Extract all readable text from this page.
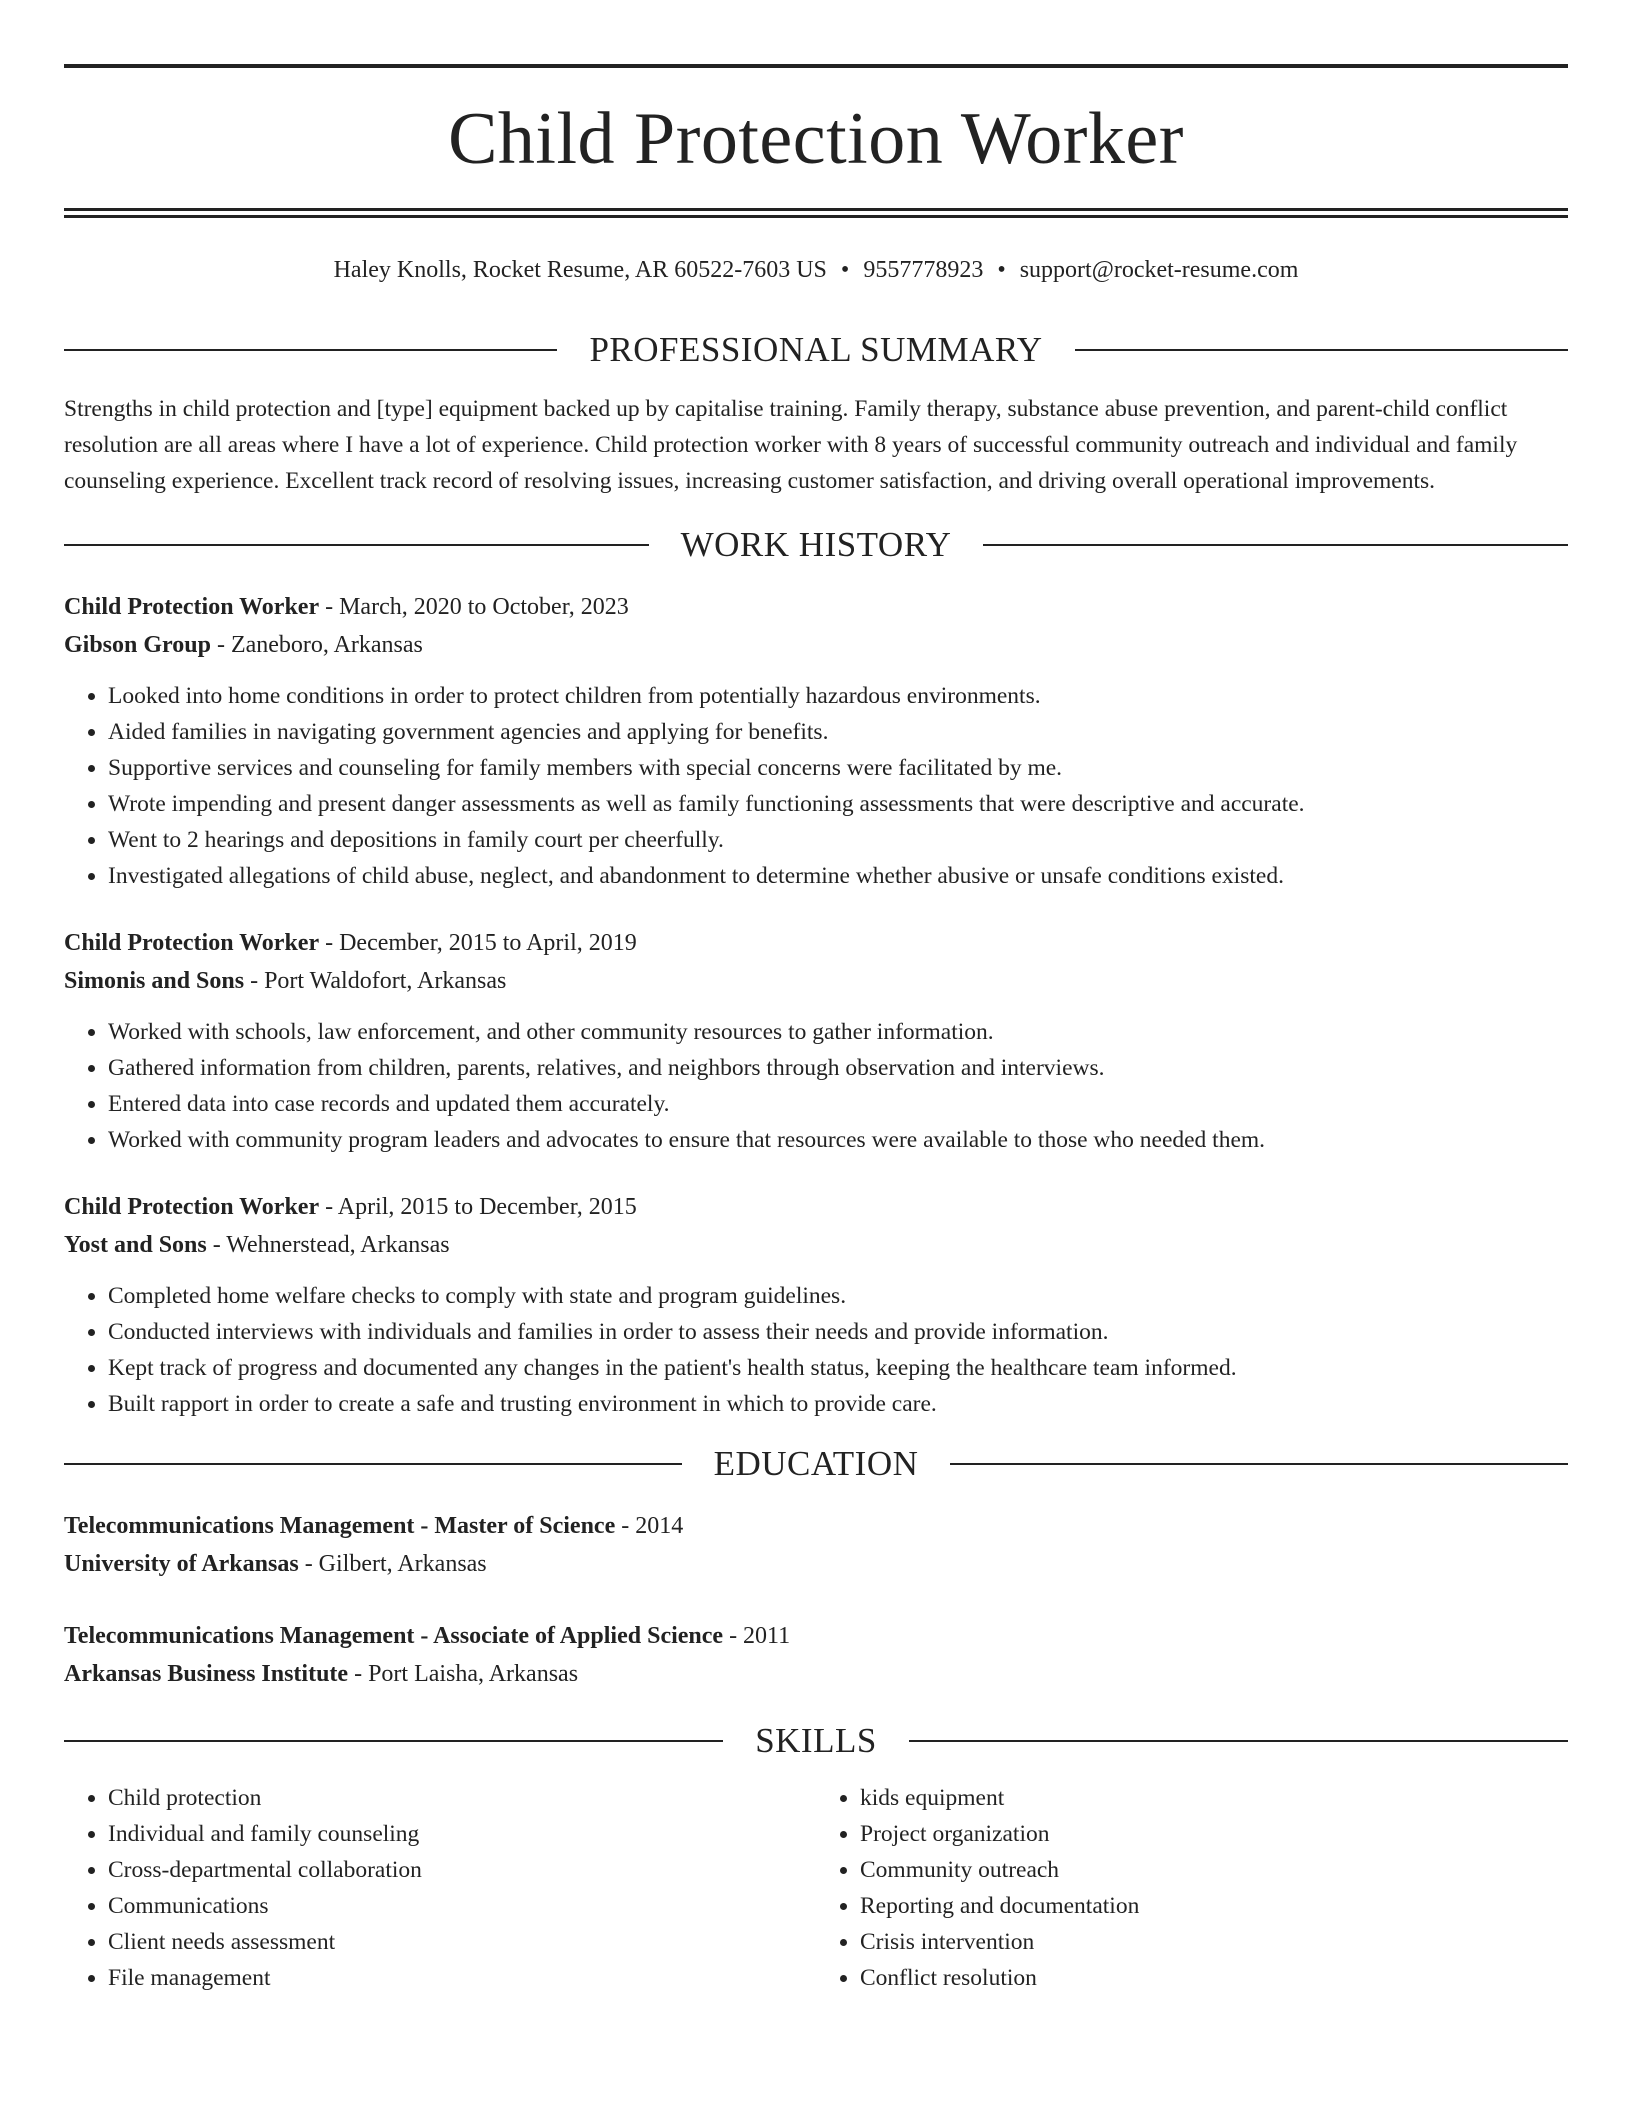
Child Protection Worker
Haley Knolls, Rocket Resume, AR 60522-7603 US • 9557778923 • support@rocket-resume.com
PROFESSIONAL SUMMARY

Strengths in child protection and [type] equipment backed up by capitalise training. Family therapy, substance abuse prevention, and parent-child conflict resolution are all areas where I have a lot of experience. Child protection worker with 8 years of successful community outreach and individual and family counseling experience. Excellent track record of resolving issues, increasing customer satisfaction, and driving overall operational improvements.

WORK HISTORY
Child Protection Worker - March, 2020 to October, 2023
Gibson Group - Zaneboro, Arkansas
• Looked into home conditions in order to protect children from potentially hazardous environments.
• Aided families in navigating government agencies and applying for benefits.
• Supportive services and counseling for family members with special concerns were facilitated by me.
• Wrote impending and present danger assessments as well as family functioning assessments that were descriptive and accurate.
• Went to 2 hearings and depositions in family court per cheerfully.
• Investigated allegations of child abuse, neglect, and abandonment to determine whether abusive or unsafe conditions existed.
Child Protection Worker - December, 2015 to April, 2019
Simonis and Sons - Port Waldofort, Arkansas
• Worked with schools, law enforcement, and other community resources to gather information.
• Gathered information from children, parents, relatives, and neighbors through observation and interviews.
• Entered data into case records and updated them accurately.
• Worked with community program leaders and advocates to ensure that resources were available to those who needed them.
Child Protection Worker - April, 2015 to December, 2015
Yost and Sons - Wehnerstead, Arkansas
• Completed home welfare checks to comply with state and program guidelines.
• Conducted interviews with individuals and families in order to assess their needs and provide information.
• Kept track of progress and documented any changes in the patient's health status, keeping the healthcare team informed.
• Built rapport in order to create a safe and trusting environment in which to provide care.
EDUCATION
Telecommunications Management - Master of Science - 2014
University of Arkansas - Gilbert, Arkansas
Telecommunications Management - Associate of Applied Science - 2011
Arkansas Business Institute - Port Laisha, Arkansas
SKILLS
• Child protection
• Individual and family counseling
• Cross-departmental collaboration
• Communications
• Client needs assessment
• File management
• kids equipment
• Project organization
• Community outreach
• Reporting and documentation
• Crisis intervention
• Conflict resolution
